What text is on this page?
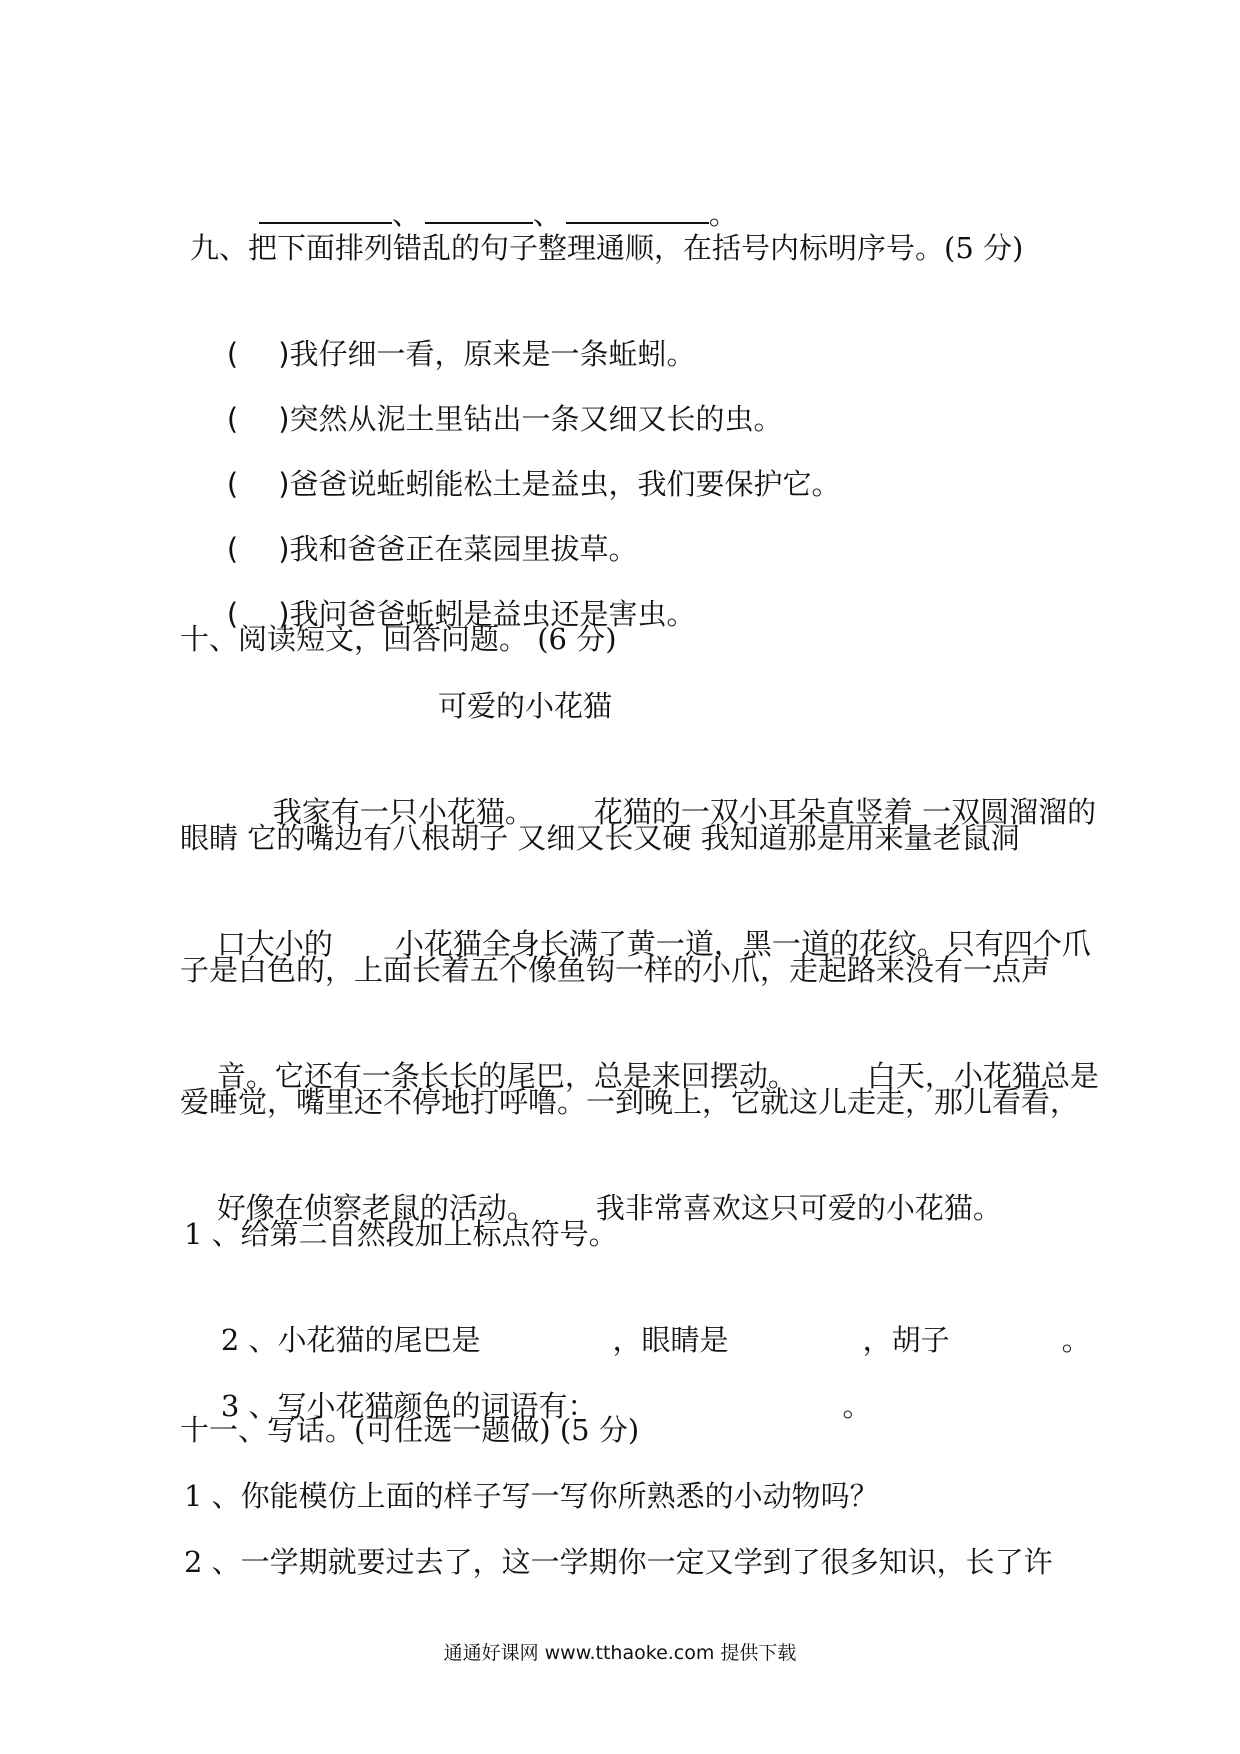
、	、	。

九、把下面排列错乱的句子整理通顺，在括号内标明序号。(5 分)

( )我仔细一看，原来是一条蚯蚓。

( )突然从泥土里钻出一条又细又长的虫。

( )爸爸说蚯蚓能松土是益虫，我们要保护它。

( )我和爸爸正在菜园里拔草。

( )我问爸爸蚯蚓是益虫还是害虫。

十、阅读短文，回答问题。 (6 分)
可爱的小花猫

我家有一只小花猫。 花猫的一双小耳朵直竖着 一双圆溜溜的

眼睛 它的嘴边有八根胡子 又细又长又硬 我知道那是用来量老鼠洞

口大小的 小花猫全身长满了黄一道，黑一道的花纹。只有四个爪

子是白色的，上面长着五个像鱼钩一样的小爪，走起路来没有一点声

音。它还有一条长长的尾巴，总是来回摆动。 白天，小花猫总是

爱睡觉，嘴里还不停地打呼噜。一到晚上，它就这儿走走，那儿看看，

好像在侦察老鼠的活动。 我非常喜欢这只可爱的小花猫。

1 、给第二自然段加上标点符号。

2 、小花猫的尾巴是	，眼睛是	，胡子	。

3 、写小花猫颜色的词语有：	。

十一、写话。(可任选一题做) (5 分)
1 、你能模仿上面的样子写一写你所熟悉的小动物吗？
2 、一学期就要过去了，这一学期你一定又学到了很多知识，长了许
通通好课网 www.tthaoke.com 提供下载
